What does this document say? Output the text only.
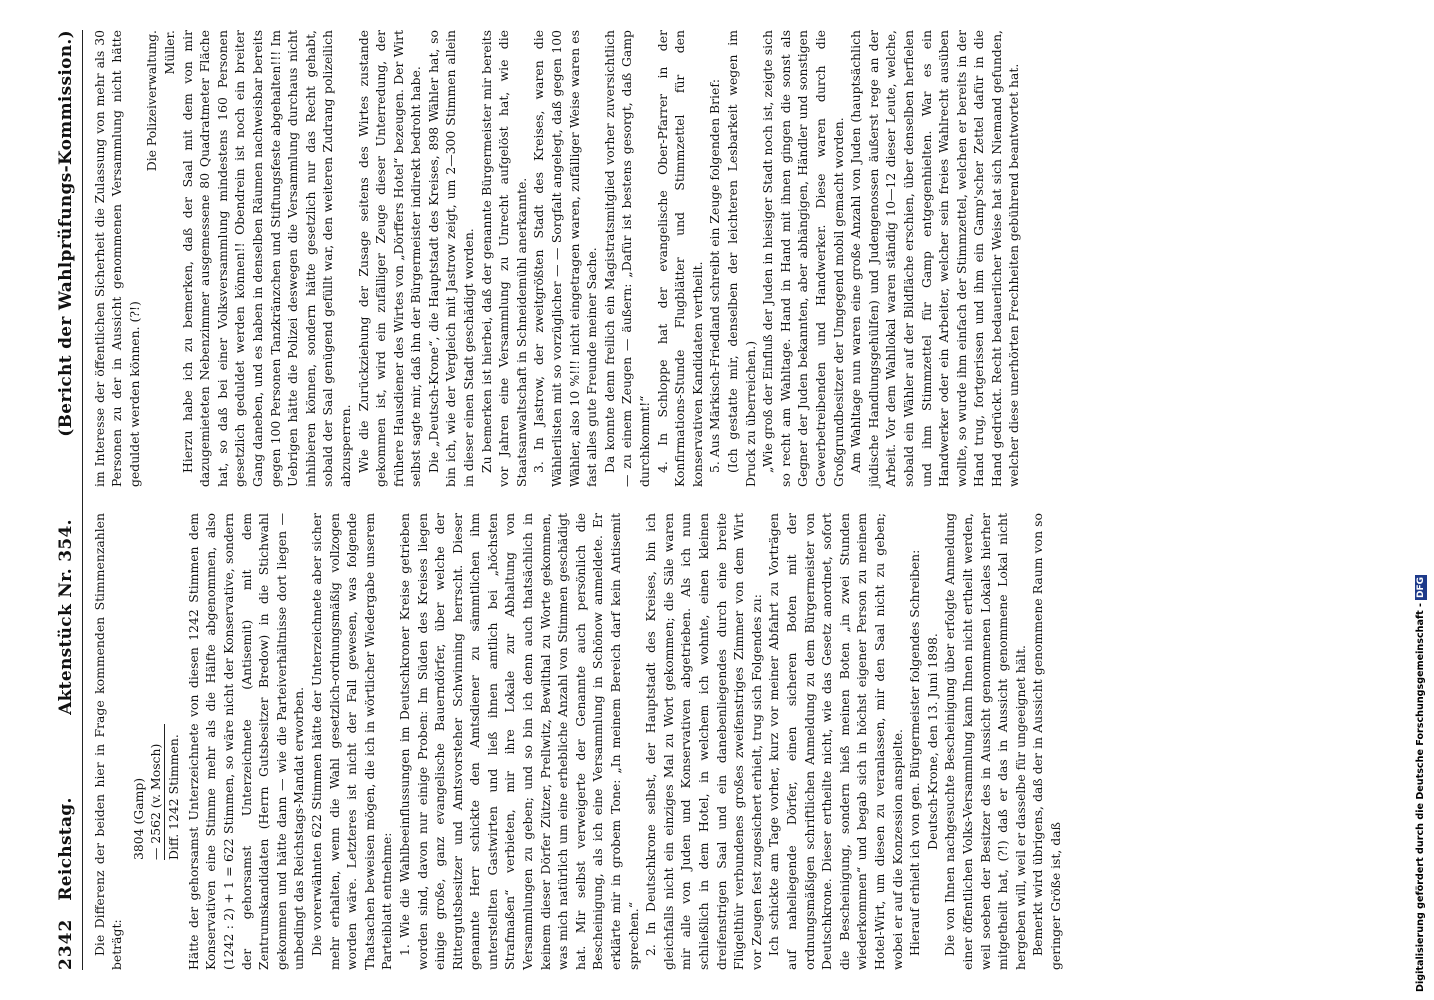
2342
Reichstag.
Aktenstück Nr. 354.
(Bericht der Wahlprüfungs-Kommission.)

Die Differenz der beiden hier in Frage kommenden Stimmenzahlen beträgt:

3804 (Gamp) — 2562 (v. Mosch) Diff. 1242 Stimmen. Hätte der gehorsamst Unterzeichnete von diesen 1242 Stimmen dem Konservativen eine Stimme mehr als die Hälfte abgenommen, also (1242 : 2) + 1 = 622 Stimmen, so wäre nicht der Konservative, sondern der gehorsamst Unterzeichnete (Antisemit) mit dem Zentrumskandidaten (Herrn Gutsbesitzer Bredow) in die Stichwahl gekommen und hätte dann — wie die Parteiverhältnisse dort liegen — unbedingt das Reichstags-Mandat erworben. Die vorerwähnten 622 Stimmen hätte der Unterzeichnete aber sicher mehr erhalten, wenn die Wahl gesetzlich-ordnungsmäßig vollzogen worden wäre. Letzteres ist nicht der Fall gewesen, was folgende Thatsachen beweisen mögen, die ich in wörtlicher Wiedergabe unserem Parteiblatt entnehme: 1. Wie die Wahlbeeinflussungen im Deutschkroner Kreise getrieben worden sind, davon nur einige Proben: Im Süden des Kreises liegen einige große, ganz evangelische Bauerndörfer, über welche der Rittergutsbesitzer und Amtsvorsteher Schwinning herrscht. Dieser genannte Herr schickte den Amtsdiener zu sämmtlichen ihm unterstellten Gastwirten und ließ ihnen amtlich bei „höchsten Strafmaßen“ verbieten, mir ihre Lokale zur Abhaltung von Versammlungen zu geben; und so bin ich denn auch thatsächlich in keinem dieser Dörfer Zützer, Prellwitz, Bewilthal zu Worte gekommen, was mich natürlich um eine erhebliche Anzahl von Stimmen geschädigt hat. Mir selbst verweigerte der Genannte auch persönlich die Bescheinigung, als ich eine Versammlung in Schönow anmeldete. Er erklärte mir in grobem Tone: „In meinem Bereich darf kein Antisemit sprechen.“ 2. In Deutschkrone selbst, der Hauptstadt des Kreises, bin ich gleichfalls nicht ein einziges Mal zu Wort gekommen; die Säle waren mir alle von Juden und Konservativen abgetrieben. Als ich nun schließlich in dem Hotel, in welchem ich wohnte, einen kleinen dreifenstrigen Saal und ein danebenliegendes durch eine breite Flügelthür verbundenes großes zweifenstriges Zimmer von dem Wirt vor Zeugen fest zugesichert erhielt, trug sich Folgendes zu: Ich schickte am Tage vorher, kurz vor meiner Abfahrt zu Vorträgen auf naheliegende Dörfer, einen sicheren Boten mit der ordnungsmäßigen schriftlichen Anmeldung zu dem Bürgermeister von Deutschkrone. Dieser ertheilte nicht, wie das Gesetz anordnet, sofort die Bescheinigung, sondern hieß meinen Boten „in zwei Stunden wiederkommen“ und begab sich in höchst eigener Person zu meinem Hotel-Wirt, um diesen zu veranlassen, mir den Saal nicht zu geben; wobei er auf die Konzession anspielte. Hierauf erhielt ich von gen. Bürgermeister folgendes Schreiben: Deutsch-Krone, den 13. Juni 1898. Die von Ihnen nachgesuchte Bescheinigung über erfolgte Anmeldung einer öffentlichen Volks-Versammlung kann Ihnen nicht ertheilt werden, weil soeben der Besitzer des in Aussicht genommenen Lokales hierher mitgetheilt hat, (?!) daß er das in Aussicht genommene Lokal nicht hergeben will, weil er dasselbe für ungeeignet hält. Bemerkt wird übrigens, daß der in Aussicht genommene Raum von so geringer Größe ist, daß

im Interesse der öffentlichen Sicherheit die Zulassung von mehr als 30 Personen zu der in Aussicht genommenen Versammlung nicht hätte geduldet werden können. (?!)

Die Polizeiverwaltung. Müller. Hierzu habe ich zu bemerken, daß der Saal mit dem von mir dazugemieteten Nebenzimmer ausgemessene 80 Quadratmeter Fläche hat, so daß bei einer Volksversammlung mindestens 160 Personen gesetzlich geduldet werden können!! Obendrein ist noch ein breiter Gang daneben, und es haben in denselben Räumen nachweisbar bereits gegen 100 Personen Tanzkränzchen und Stiftungsfeste abgehalten!!! Im Uebrigen hätte die Polizei deswegen die Versammlung durchaus nicht inhibieren können, sondern hätte gesetzlich nur das Recht gehabt, sobald der Saal genügend gefüllt war, den weiteren Zudrang polizeilich abzusperren. Wie die Zurückziehung der Zusage seitens des Wirtes zustande gekommen ist, wird ein zufälliger Zeuge dieser Unterredung, der frühere Hausdiener des Wirtes von „Dörffers Hotel“ bezeugen. Der Wirt selbst sagte mir, daß ihn der Bürgermeister indirekt bedroht habe. Die „Deutsch-Krone“, die Hauptstadt des Kreises, 898 Wähler hat, so bin ich, wie der Vergleich mit Jastrow zeigt, um 2—300 Stimmen allein in dieser einen Stadt geschädigt worden. Zu bemerken ist hierbei, daß der genannte Bürgermeister mir bereits vor Jahren eine Versammlung zu Unrecht aufgelöst hat, wie die Staatsanwaltschaft in Schneidemühl anerkannte. 3. In Jastrow, der zweitgrößten Stadt des Kreises, waren die Wählerlisten mit so vorzüglicher — — Sorgfalt angelegt, daß gegen 100 Wähler, also 10 %!!! nicht eingetragen waren, zufälliger Weise waren es fast alles gute Freunde meiner Sache. Da konnte denn freilich ein Magistratsmitglied vorher zuversichtlich — zu einem Zeugen — äußern: „Dafür ist bestens gesorgt, daß Gamp durchkommt!“ 4. In Schloppe hat der evangelische Ober-Pfarrer in der Konfirmations-Stunde Flugblätter und Stimmzettel für den konservativen Kandidaten vertheilt. 5. Aus Märkisch-Friedland schreibt ein Zeuge folgenden Brief: (Ich gestatte mir, denselben der leichteren Lesbarkeit wegen im Druck zu überreichen.) „Wie groß der Einfluß der Juden in hiesiger Stadt noch ist, zeigte sich so recht am Wahltage. Hand in Hand mit ihnen gingen die sonst als Gegner der Juden bekannten, aber abhängigen, Händler und sonstigen Gewerbetreibenden und Handwerker. Diese waren durch die Großgrundbesitzer der Umgegend mobil gemacht worden. Am Wahltage nun waren eine große Anzahl von Juden (hauptsächlich jüdische Handlungsgehülfen) und Judengenossen äußerst rege an der Arbeit. Vor dem Wahllokal waren ständig 10—12 dieser Leute, welche, sobald ein Wähler auf der Bildfläche erschien, über denselben herfielen und ihm Stimmzettel für Gamp entgegenhielten. War es ein Handwerker oder ein Arbeiter, welcher sein freies Wahlrecht ausüben wollte, so wurde ihm einfach der Stimmzettel, welchen er bereits in der Hand trug, fortgerissen und ihm ein Gamp'scher Zettel dafür in die Hand gedrückt. Recht bedauerlicher Weise hat sich Niemand gefunden, welcher diese unerhörten Frechheiten gebührend beantwortet hat.

Digitalisierung gefördert durch die Deutsche Forschungsgemeinschaft - DFG
